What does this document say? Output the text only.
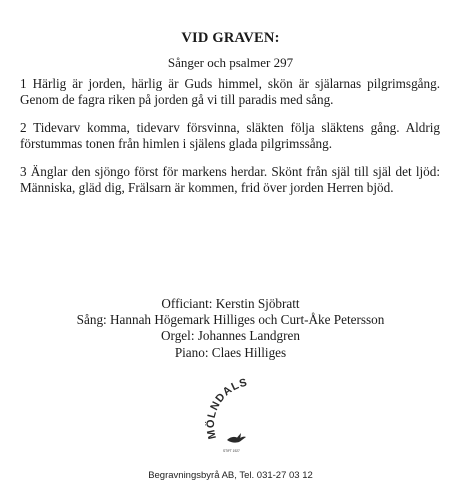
VID GRAVEN:
Sånger och psalmer 297

1 Härlig är jorden, härlig är Guds himmel, skön är själarnas pilgrimsgång. Genom de fagra riken på jorden gå vi till paradis med sång.

2 Tidevarv komma, tidevarv försvinna, släkten följa släktens gång. Aldrig förstummas tonen från himlen i själens glada pilgrimssång.

3 Änglar den sjöngo först för markens herdar. Skönt från själ till själ det ljöd: Människa, gläd dig, Frälsarn är kommen, frid över jorden Herren bjöd.

Officiant: Kerstin Sjöbratt
Sång: Hannah Högemark Hilliges och Curt-Åke Petersson
Orgel: Johannes Landgren
Piano: Claes Hilliges
MÖLNDALS
STIFT 1927
Begravningsbyrå AB, Tel. 031-27 03 12
